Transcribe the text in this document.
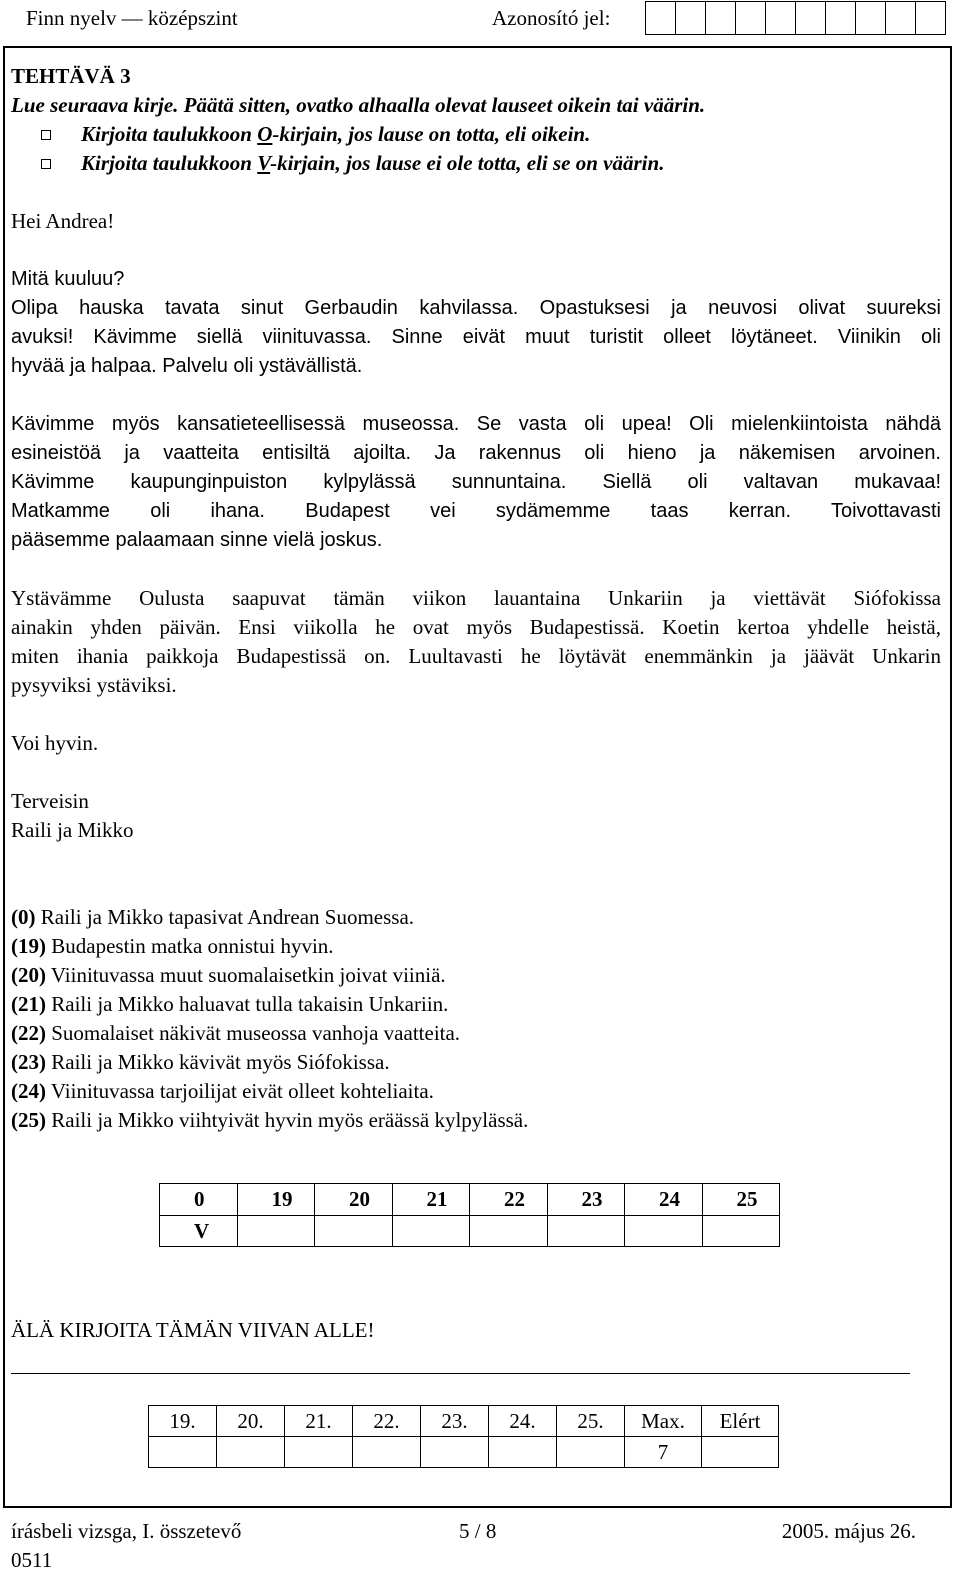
Finn nyelv — középszint	Azonosító jel:
TEHTÄVÄ 3
Lue seuraava kirje. Päätä sitten, ovatko alhaalla olevat lauseet oikein tai väärin.
Kirjoita taulukkoon O-kirjain, jos lause on totta, eli oikein.
Kirjoita taulukkoon V-kirjain, jos lause ei ole totta, eli se on väärin.
Hei Andrea!
Mitä kuuluu?
Olipa hauska tavata sinut Gerbaudin kahvilassa. Opastuksesi ja neuvosi olivat suureksi
avuksi! Kävimme siellä viinituvassa. Sinne eivät muut turistit olleet löytäneet. Viinikin oli
hyvää ja halpaa. Palvelu oli ystävällistä.
Kävimme myös kansatieteellisessä museossa. Se vasta oli upea! Oli mielenkiintoista nähdä
esineistöä ja vaatteita entisiltä ajoilta. Ja rakennus oli hieno ja näkemisen arvoinen.
Kävimme kaupunginpuiston kylpylässä sunnuntaina. Siellä oli valtavan mukavaa!
Matkamme oli ihana. Budapest vei sydämemme taas kerran. Toivottavasti
pääsemme palaamaan sinne vielä joskus.
Ystävämme Oulusta saapuvat tämän viikon lauantaina Unkariin ja viettävät Siófokissa
ainakin yhden päivän. Ensi viikolla he ovat myös Budapestissä. Koetin kertoa yhdelle heistä,
miten ihania paikkoja Budapestissä on. Luultavasti he löytävät enemmänkin ja jäävät Unkarin
pysyviksi ystäviksi.
Voi hyvin.
Terveisin
Raili ja Mikko
(0) Raili ja Mikko tapasivat Andrean Suomessa.
(19) Budapestin matka onnistui hyvin.
(20) Viinituvassa muut suomalaisetkin joivat viiniä.
(21) Raili ja Mikko haluavat tulla takaisin Unkariin.
(22) Suomalaiset näkivät museossa vanhoja vaatteita.
(23) Raili ja Mikko kävivät myös Siófokissa.
(24) Viinituvassa tarjoilijat eivät olleet kohteliaita.
(25) Raili ja Mikko viihtyivät hyvin myös eräässä kylpylässä.
0	19	20	21	22	23	24	25
V							
ÄLÄ KIRJOITA TÄMÄN VIIVAN ALLE!
19.	20.	21.	22.	23.	24.	25.	Max.	Elért
							7	
írásbeli vizsga, I. összetevő	5 / 8	2005. május 26.
0511
